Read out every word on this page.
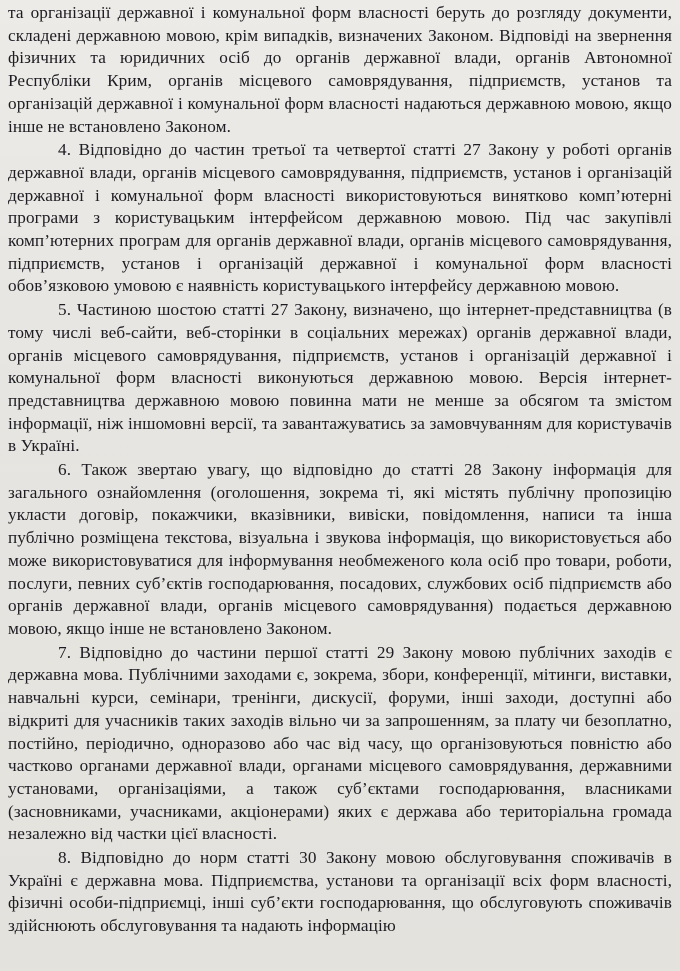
та організації державної і комунальної форм власності беруть до розгляду документи, складені державною мовою, крім випадків, визначених Законом. Відповіді на звернення фізичних та юридичних осіб до органів державної влади, органів Автономної Республіки Крим, органів місцевого самоврядування, підприємств, установ та організацій державної і комунальної форм власності надаються державною мовою, якщо інше не встановлено Законом.

4. Відповідно до частин третьої та четвертої статті 27 Закону у роботі органів державної влади, органів місцевого самоврядування, підприємств, установ і організацій державної і комунальної форм власності використовуються винятково комп’ютерні програми з користувацьким інтерфейсом державною мовою. Під час закупівлі комп’ютерних програм для органів державної влади, органів місцевого самоврядування, підприємств, установ і організацій державної і комунальної форм власності обов’язковою умовою є наявність користувацького інтерфейсу державною мовою.

5. Частиною шостою статті 27 Закону, визначено, що інтернет-представництва (в тому числі веб-сайти, веб-сторінки в соціальних мережах) органів державної влади, органів місцевого самоврядування, підприємств, установ і організацій державної і комунальної форм власності виконуються державною мовою. Версія інтернет-представництва державною мовою повинна мати не менше за обсягом та змістом інформації, ніж іншомовні версії, та завантажуватись за замовчуванням для користувачів в Україні.

6. Також звертаю увагу, що відповідно до статті 28 Закону інформація для загального ознайомлення (оголошення, зокрема ті, які містять публічну пропозицію укласти договір, покажчики, вказівники, вивіски, повідомлення, написи та інша публічно розміщена текстова, візуальна і звукова інформація, що використовується або може використовуватися для інформування необмеженого кола осіб про товари, роботи, послуги, певних суб’єктів господарювання, посадових, службових осіб підприємств або органів державної влади, органів місцевого самоврядування) подається державною мовою, якщо інше не встановлено Законом.

7. Відповідно до частини першої статті 29 Закону мовою публічних заходів є державна мова. Публічними заходами є, зокрема, збори, конференції, мітинги, виставки, навчальні курси, семінари, тренінги, дискусії, форуми, інші заходи, доступні або відкриті для учасників таких заходів вільно чи за запрошенням, за плату чи безоплатно, постійно, періодично, одноразово або час від часу, що організовуються повністю або частково органами державної влади, органами місцевого самоврядування, державними установами, організаціями, а також суб’єктами господарювання, власниками (засновниками, учасниками, акціонерами) яких є держава або територіальна громада незалежно від частки цієї власності.

8. Відповідно до норм статті 30 Закону мовою обслуговування споживачів в Україні є державна мова. Підприємства, установи та організації всіх форм власності, фізичні особи-підприємці, інші суб’єкти господарювання, що обслуговують споживачів здійснюють обслуговування та надають інформацію
